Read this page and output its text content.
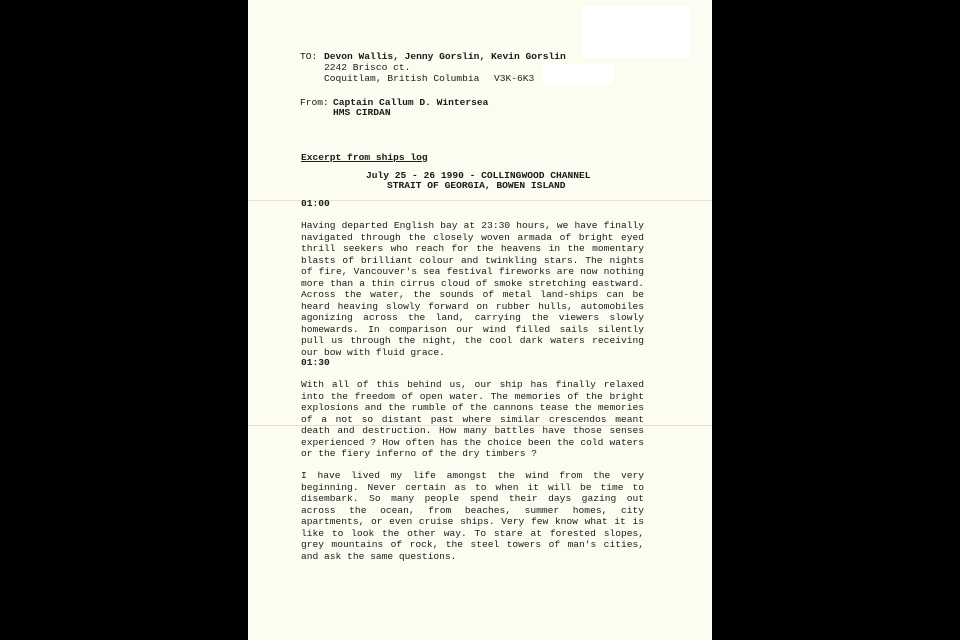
TO: Devon Wallis, Jenny Gorslin, Kevin Gorslin
2242 Brisco ct.
Coquitlam, British Columbia V3K-6K3
From: Captain Callum D. Wintersea
HMS CIRDAN
Excerpt from ships log
July 25 - 26 1990 - COLLINGWOOD CHANNEL
STRAIT OF GEORGIA, BOWEN ISLAND
01:00

Having departed English bay at 23:30 hours, we have finally navigated through the closely woven armada of bright eyed thrill seekers who reach for the heavens in the momentary blasts of brilliant colour and twinkling stars. The nights of fire, Vancouver's sea festival fireworks are now nothing more than a thin cirrus cloud of smoke stretching eastward. Across the water, the sounds of metal land-ships can be heard heaving slowly forward on rubber hulls, automobiles agonizing across the land, carrying the viewers slowly homewards. In comparison our wind filled sails silently pull us through the night, the cool dark waters receiving our bow with fluid grace.

01:30

With all of this behind us, our ship has finally relaxed into the freedom of open water. The memories of the bright explosions and the rumble of the cannons tease the memories of a not so distant past where similar crescendos meant death and destruction. How many battles have those senses experienced ? How often has the choice been the cold waters or the fiery inferno of the dry timbers ?

I have lived my life amongst the wind from the very beginning. Never certain as to when it will be time to disembark. So many people spend their days gazing out across the ocean, from beaches, summer homes, city apartments, or even cruise ships. Very few know what it is like to look the other way. To stare at forested slopes, grey mountains of rock, the steel towers of man's cities, and ask the same questions.
